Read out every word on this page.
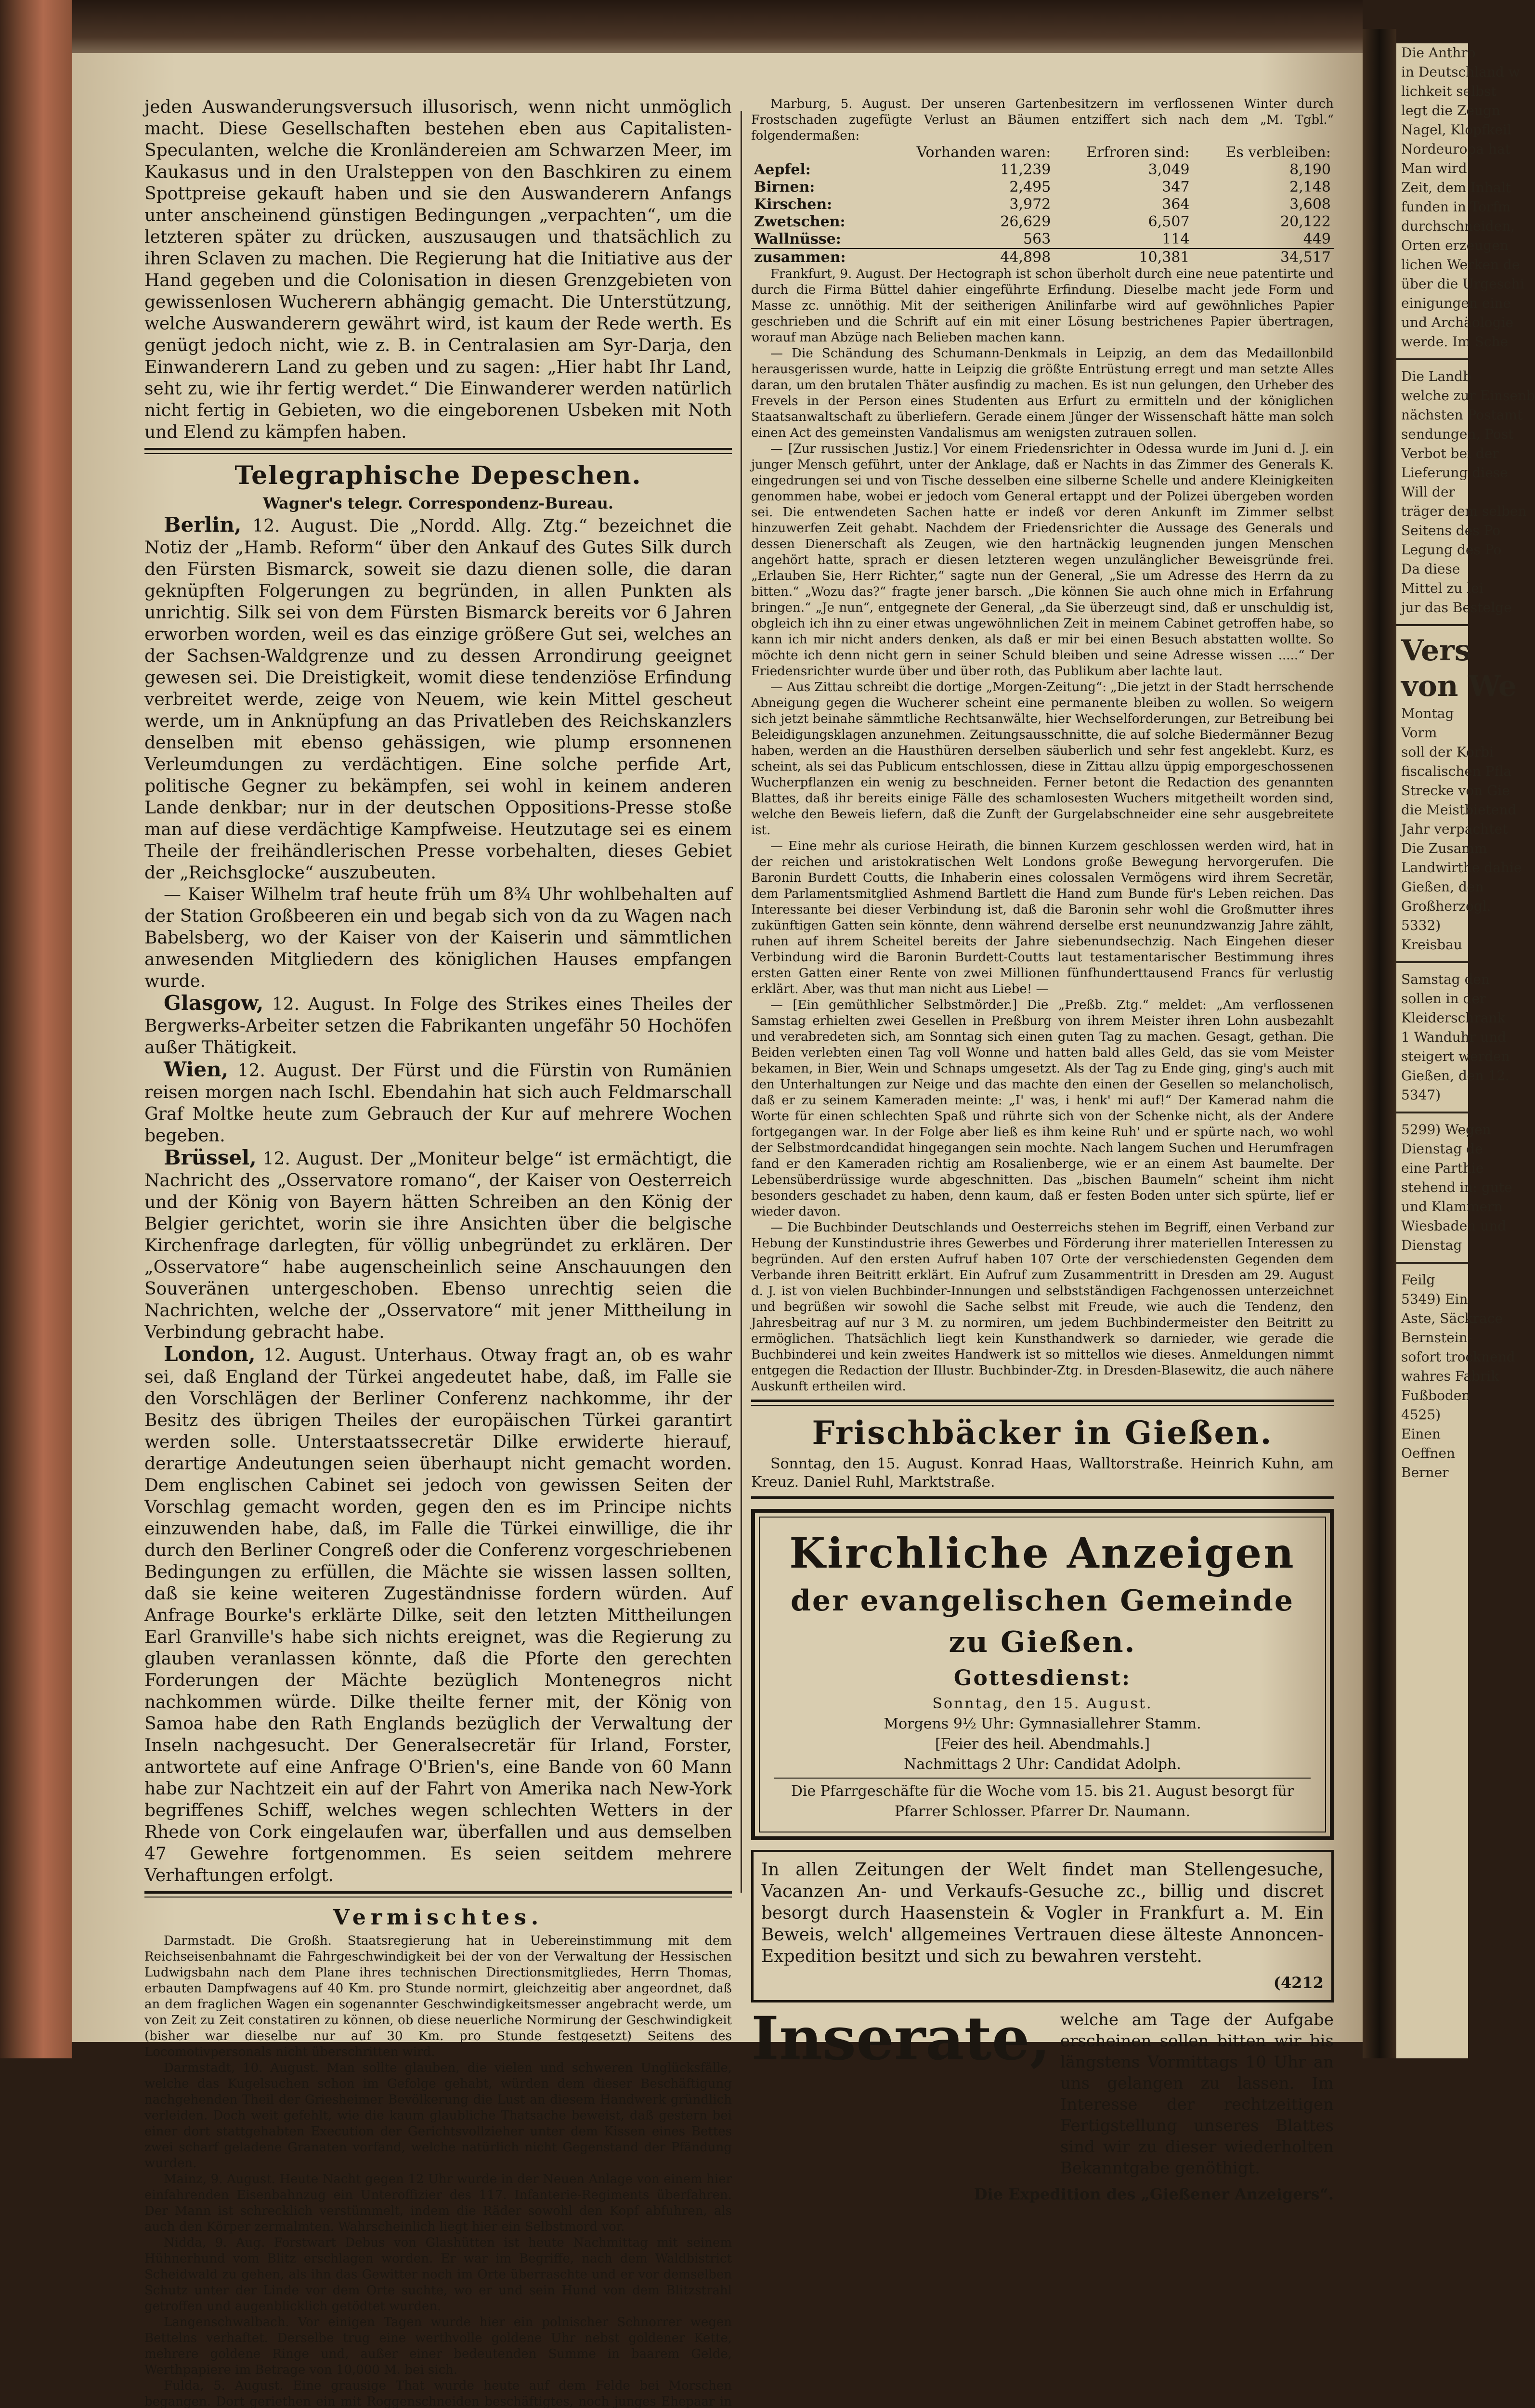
Die Anthro
in Deutschland w
lichkeit selbst
legt die Zeugn
Nagel, Klopfkeil
Nordeuropa hat
Man wird
Zeit, dem Inhalt
funden in Torfm
durchschneiden,
Orten erzeugen
lichen Werken de
über die Urgeschi
einigungen eine
und Archäologie
werde. Im Sche
Die Landb
welche zur Einsenb
nächsten Postamt
sendungen, Post
Verbot bei der
Lieferung diese
Will der
träger dem selben
Seitens des Po
Legung des Po
Da diese
Mittel zu lei
jur das Bestelge
Vers
von We
Montag
Vorm
soll der Korbi
fiscalischen Pfla
Strecke von Gie
die Meistbietend
Jahr verpachtet
Die Zusamm
Landwirthe dahie
Gießen, den
Großherzogl.
5332)
Kreisbau
Samstag den
sollen in der
Kleiderschrank
1 Wanduhr und
steigert werden
Gießen, den 12.
5347)
5299) Wegen
Dienstag de
eine Parthie
stehend in: gute
und Klammern
Wiesbaden und
Dienstag
Feilg
5349) Ein
Aste, Säckrace
Bernstein-
sofort trocknend
wahres Fabrik
Fußboden
4525)
Einen
Oeffnen
Berner

jeden Auswanderungsversuch illusorisch, wenn nicht unmöglich macht. Diese Gesellschaften bestehen eben aus Capitalisten-Speculanten, welche die Kronländereien am Schwarzen Meer, im Kaukasus und in den Uralsteppen von den Baschkiren zu einem Spottpreise gekauft haben und sie den Auswanderern Anfangs unter anscheinend günstigen Bedingungen „verpachten“, um die letzteren später zu drücken, auszusaugen und thatsächlich zu ihren Sclaven zu machen. Die Regierung hat die Initiative aus der Hand gegeben und die Colonisation in diesen Grenzgebieten von gewissenlosen Wucherern abhängig gemacht. Die Unterstützung, welche Auswanderern gewährt wird, ist kaum der Rede werth. Es genügt jedoch nicht, wie z. B. in Centralasien am Syr-Darja, den Einwanderern Land zu geben und zu sagen: „Hier habt Ihr Land, seht zu, wie ihr fertig werdet.“ Die Einwanderer werden natürlich nicht fertig in Gebieten, wo die eingeborenen Usbeken mit Noth und Elend zu kämpfen haben.

Telegraphische Depeschen.
Wagner's telegr. Correspondenz-Bureau.

Berlin, 12. August. Die „Nordd. Allg. Ztg.“ bezeichnet die Notiz der „Hamb. Reform“ über den Ankauf des Gutes Silk durch den Fürsten Bismarck, soweit sie dazu dienen solle, die daran geknüpften Folgerungen zu begründen, in allen Punkten als unrichtig. Silk sei von dem Fürsten Bismarck bereits vor 6 Jahren erworben worden, weil es das einzige größere Gut sei, welches an der Sachsen-Waldgrenze und zu dessen Arrondirung geeignet gewesen sei. Die Dreistigkeit, womit diese tendenziöse Erfindung verbreitet werde, zeige von Neuem, wie kein Mittel gescheut werde, um in Anknüpfung an das Privatleben des Reichskanzlers denselben mit ebenso gehässigen, wie plump ersonnenen Verleumdungen zu verdächtigen. Eine solche perfide Art, politische Gegner zu bekämpfen, sei wohl in keinem anderen Lande denkbar; nur in der deutschen Oppositions-Presse stoße man auf diese verdächtige Kampfweise. Heutzutage sei es einem Theile der freihändlerischen Presse vorbehalten, dieses Gebiet der „Reichsglocke“ auszubeuten.

— Kaiser Wilhelm traf heute früh um 8¾ Uhr wohlbehalten auf der Station Großbeeren ein und begab sich von da zu Wagen nach Babelsberg, wo der Kaiser von der Kaiserin und sämmtlichen anwesenden Mitgliedern des königlichen Hauses empfangen wurde.

Glasgow, 12. August. In Folge des Strikes eines Theiles der Bergwerks-Arbeiter setzen die Fabrikanten ungefähr 50 Hochöfen außer Thätigkeit.

Wien, 12. August. Der Fürst und die Fürstin von Rumänien reisen morgen nach Ischl. Ebendahin hat sich auch Feldmarschall Graf Moltke heute zum Gebrauch der Kur auf mehrere Wochen begeben.

Brüssel, 12. August. Der „Moniteur belge“ ist ermächtigt, die Nachricht des „Osservatore romano“, der Kaiser von Oesterreich und der König von Bayern hätten Schreiben an den König der Belgier gerichtet, worin sie ihre Ansichten über die belgische Kirchenfrage darlegten, für völlig unbegründet zu erklären. Der „Osservatore“ habe augenscheinlich seine Anschauungen den Souveränen untergeschoben. Ebenso unrechtig seien die Nachrichten, welche der „Osservatore“ mit jener Mittheilung in Verbindung gebracht habe.

London, 12. August. Unterhaus. Otway fragt an, ob es wahr sei, daß England der Türkei angedeutet habe, daß, im Falle sie den Vorschlägen der Berliner Conferenz nachkomme, ihr der Besitz des übrigen Theiles der europäischen Türkei garantirt werden solle. Unterstaatssecretär Dilke erwiderte hierauf, derartige Andeutungen seien überhaupt nicht gemacht worden. Dem englischen Cabinet sei jedoch von gewissen Seiten der Vorschlag gemacht worden, gegen den es im Principe nichts einzuwenden habe, daß, im Falle die Türkei einwillige, die ihr durch den Berliner Congreß oder die Conferenz vorgeschriebenen Bedingungen zu erfüllen, die Mächte sie wissen lassen sollten, daß sie keine weiteren Zugeständnisse fordern würden. Auf Anfrage Bourke's erklärte Dilke, seit den letzten Mittheilungen Earl Granville's habe sich nichts ereignet, was die Regierung zu glauben veranlassen könnte, daß die Pforte den gerechten Forderungen der Mächte bezüglich Montenegros nicht nachkommen würde. Dilke theilte ferner mit, der König von Samoa habe den Rath Englands bezüglich der Verwaltung der Inseln nachgesucht. Der Generalsecretär für Irland, Forster, antwortete auf eine Anfrage O'Brien's, eine Bande von 60 Mann habe zur Nachtzeit ein auf der Fahrt von Amerika nach New-York begriffenes Schiff, welches wegen schlechten Wetters in der Rhede von Cork eingelaufen war, überfallen und aus demselben 47 Gewehre fortgenommen. Es seien seitdem mehrere Verhaftungen erfolgt.

Vermischtes.

Darmstadt. Die Großh. Staatsregierung hat in Uebereinstimmung mit dem Reichseisenbahnamt die Fahrgeschwindigkeit bei der von der Verwaltung der Hessischen Ludwigsbahn nach dem Plane ihres technischen Directionsmitgliedes, Herrn Thomas, erbauten Dampfwagens auf 40 Km. pro Stunde normirt, gleichzeitig aber angeordnet, daß an dem fraglichen Wagen ein sogenannter Geschwindigkeitsmesser angebracht werde, um von Zeit zu Zeit constatiren zu können, ob diese neuerliche Normirung der Geschwindigkeit (bisher war dieselbe nur auf 30 Km. pro Stunde festgesetzt) Seitens des Locomotivpersonals nicht überschritten wird.

Darmstadt, 10. August. Man sollte glauben, die vielen und schweren Unglücksfälle, welche das Kugelsuchen schon im Gefolge gehabt, würden dem dieser Beschäftigung nachgehenden Theil der Griesheimer Bevölkerung die Lust an diesem Handwerk gründlich verleiden. Doch weit gefehlt, wie die kaum glaubliche Thatsache beweist, daß gestern bei einer dort stattgehabten Execution der Gerichtsvollzieher unter dem Kissen eines Bettes zwei scharf geladene Granaten vorfand, welche natürlich nicht Gegenstand der Pfändung wurden.

Mainz, 9. August. Heute Nacht gegen 12 Uhr wurde in der Neuen Anlage von einem hier einfahrenden Eisenbahnzug ein Unteroffizier des 117. Infanterie-Regiments überfahren. Der Mann ist schrecklich verstümmelt, indem die Räder sowohl den Kopf abfuhren, als auch den Körper zermalmten. Wahrscheinlich liegt hier ein Selbstmord vor.

Nidda, 9. Aug. Forstwart Debus von Glashütten ist heute Nachmittag mit seinem Hühnerhund vom Blitz erschlagen worden. Er war im Begriffe, nach dem Waldbistrict Scheidwald zu gehen, als ihn das Gewitter noch im Orte überraschte und er vor demselben Schutz unter der Linde vor dem Orte suchte, wo er und sein Hund von dem Blitzstrahl getroffen und augenblicklich getödtet wurden.

Langenschwalbach. Vor einigen Tagen wurde hier ein polnischer Schnorrer wegen Bettelns verhaftet. Derselbe trug eine werthvolle goldene Uhr nebst goldener Kette, mehrere goldene Ringe und, außer einer bedeutenden Summe in baarem Gelde, Werthpapiere im Betrage von 10,000 M. bei sich.

Fulda, 5. August. Eine grausige That wurde heute auf dem Felde bei Morschen begangen. Dort geriethen ein mit Roggenschneiden beschäftigtes, noch junges Ehepaar in

Marburg, 5. August. Der unseren Gartenbesitzern im verflossenen Winter durch Frostschaden zugefügte Verlust an Bäumen entziffert sich nach dem „M. Tgbl.“ folgendermaßen:

	Vorhanden waren:	Erfroren sind:	Es verbleiben:
Aepfel:	11,239	3,049	8,190
Birnen:	2,495	347	2,148
Kirschen:	3,972	364	3,608
Zwetschen:	26,629	6,507	20,122
Wallnüsse:	563	114	449
zusammen:	44,898	10,381	34,517

Frankfurt, 9. August. Der Hectograph ist schon überholt durch eine neue patentirte und durch die Firma Büttel dahier eingeführte Erfindung. Dieselbe macht jede Form und Masse zc. unnöthig. Mit der seitherigen Anilinfarbe wird auf gewöhnliches Papier geschrieben und die Schrift auf ein mit einer Lösung bestrichenes Papier übertragen, worauf man Abzüge nach Belieben machen kann.

— Die Schändung des Schumann-Denkmals in Leipzig, an dem das Medaillonbild herausgerissen wurde, hatte in Leipzig die größte Entrüstung erregt und man setzte Alles daran, um den brutalen Thäter ausfindig zu machen. Es ist nun gelungen, den Urheber des Frevels in der Person eines Studenten aus Erfurt zu ermitteln und der königlichen Staatsanwaltschaft zu überliefern. Gerade einem Jünger der Wissenschaft hätte man solch einen Act des gemeinsten Vandalismus am wenigsten zutrauen sollen.

— [Zur russischen Justiz.] Vor einem Friedensrichter in Odessa wurde im Juni d. J. ein junger Mensch geführt, unter der Anklage, daß er Nachts in das Zimmer des Generals K. eingedrungen sei und von Tische desselben eine silberne Schelle und andere Kleinigkeiten genommen habe, wobei er jedoch vom General ertappt und der Polizei übergeben worden sei. Die entwendeten Sachen hatte er indeß vor deren Ankunft im Zimmer selbst hinzuwerfen Zeit gehabt. Nachdem der Friedensrichter die Aussage des Generals und dessen Dienerschaft als Zeugen, wie den hartnäckig leugnenden jungen Menschen angehört hatte, sprach er diesen letzteren wegen unzulänglicher Beweisgründe frei. „Erlauben Sie, Herr Richter,“ sagte nun der General, „Sie um Adresse des Herrn da zu bitten.“ „Wozu das?“ fragte jener barsch. „Die können Sie auch ohne mich in Erfahrung bringen.“ „Je nun“, entgegnete der General, „da Sie überzeugt sind, daß er unschuldig ist, obgleich ich ihn zu einer etwas ungewöhnlichen Zeit in meinem Cabinet getroffen habe, so kann ich mir nicht anders denken, als daß er mir bei einen Besuch abstatten wollte. So möchte ich denn nicht gern in seiner Schuld bleiben und seine Adresse wissen .....“ Der Friedensrichter wurde über und über roth, das Publikum aber lachte laut.

— Aus Zittau schreibt die dortige „Morgen-Zeitung“: „Die jetzt in der Stadt herrschende Abneigung gegen die Wucherer scheint eine permanente bleiben zu wollen. So weigern sich jetzt beinahe sämmtliche Rechtsanwälte, hier Wechselforderungen, zur Betreibung bei Beleidigungsklagen anzunehmen. Zeitungsausschnitte, die auf solche Biedermänner Bezug haben, werden an die Hausthüren derselben säuberlich und sehr fest angeklebt. Kurz, es scheint, als sei das Publicum entschlossen, diese in Zittau allzu üppig emporgeschossenen Wucherpflanzen ein wenig zu beschneiden. Ferner betont die Redaction des genannten Blattes, daß ihr bereits einige Fälle des schamlosesten Wuchers mitgetheilt worden sind, welche den Beweis liefern, daß die Zunft der Gurgelabschneider eine sehr ausgebreitete ist.

— Eine mehr als curiose Heirath, die binnen Kurzem geschlossen werden wird, hat in der reichen und aristokratischen Welt Londons große Bewegung hervorgerufen. Die Baronin Burdett Coutts, die Inhaberin eines colossalen Vermögens wird ihrem Secretär, dem Parlamentsmitglied Ashmend Bartlett die Hand zum Bunde für's Leben reichen. Das Interessante bei dieser Verbindung ist, daß die Baronin sehr wohl die Großmutter ihres zukünftigen Gatten sein könnte, denn während derselbe erst neunundzwanzig Jahre zählt, ruhen auf ihrem Scheitel bereits der Jahre siebenundsechzig. Nach Eingehen dieser Verbindung wird die Baronin Burdett-Coutts laut testamentarischer Bestimmung ihres ersten Gatten einer Rente von zwei Millionen fünfhunderttausend Francs für verlustig erklärt. Aber, was thut man nicht aus Liebe! —

— [Ein gemüthlicher Selbstmörder.] Die „Preßb. Ztg.“ meldet: „Am verflossenen Samstag erhielten zwei Gesellen in Preßburg von ihrem Meister ihren Lohn ausbezahlt und verabredeten sich, am Sonntag sich einen guten Tag zu machen. Gesagt, gethan. Die Beiden verlebten einen Tag voll Wonne und hatten bald alles Geld, das sie vom Meister bekamen, in Bier, Wein und Schnaps umgesetzt. Als der Tag zu Ende ging, ging's auch mit den Unterhaltungen zur Neige und das machte den einen der Gesellen so melancholisch, daß er zu seinem Kameraden meinte: „I' was, i henk' mi auf!“ Der Kamerad nahm die Worte für einen schlechten Spaß und rührte sich von der Schenke nicht, als der Andere fortgegangen war. In der Folge aber ließ es ihm keine Ruh' und er spürte nach, wo wohl der Selbstmordcandidat hingegangen sein mochte. Nach langem Suchen und Herumfragen fand er den Kameraden richtig am Rosalienberge, wie er an einem Ast baumelte. Der Lebensüberdrüssige wurde abgeschnitten. Das „bischen Baumeln“ scheint ihm nicht besonders geschadet zu haben, denn kaum, daß er festen Boden unter sich spürte, lief er wieder davon.

— Die Buchbinder Deutschlands und Oesterreichs stehen im Begriff, einen Verband zur Hebung der Kunstindustrie ihres Gewerbes und Förderung ihrer materiellen Interessen zu begründen. Auf den ersten Aufruf haben 107 Orte der verschiedensten Gegenden dem Verbande ihren Beitritt erklärt. Ein Aufruf zum Zusammentritt in Dresden am 29. August d. J. ist von vielen Buchbinder-Innungen und selbstständigen Fachgenossen unterzeichnet und begrüßen wir sowohl die Sache selbst mit Freude, wie auch die Tendenz, den Jahresbeitrag auf nur 3 M. zu normiren, um jedem Buchbindermeister den Beitritt zu ermöglichen. Thatsächlich liegt kein Kunsthandwerk so darnieder, wie gerade die Buchbinderei und kein zweites Handwerk ist so mittellos wie dieses. Anmeldungen nimmt entgegen die Redaction der Illustr. Buchbinder-Ztg. in Dresden-Blasewitz, die auch nähere Auskunft ertheilen wird.

Frischbäcker in Gießen.

Sonntag, den 15. August. Konrad Haas, Walltorstraße. Heinrich Kuhn, am Kreuz. Daniel Ruhl, Marktstraße.

Kirchliche Anzeigen
der evangelischen Gemeinde zu Gießen.
Gottesdienst:
Sonntag, den 15. August.
Morgens 9½ Uhr: Gymnasiallehrer Stamm.
[Feier des heil. Abendmahls.]
Nachmittags 2 Uhr: Candidat Adolph.
Die Pfarrgeschäfte für die Woche vom 15. bis 21. August besorgt für Pfarrer Schlosser. Pfarrer Dr. Naumann.

In allen Zeitungen der Welt findet man Stellengesuche, Vacanzen An- und Verkaufs-Gesuche zc., billig und discret besorgt durch Haasenstein & Vogler in Frankfurt a. M. Ein Beweis, welch' allgemeines Vertrauen diese älteste Annoncen-Expedition besitzt und sich zu bewahren versteht.

(4212
Inserate, welche am Tage der Aufgabe erscheinen sollen bitten wir bis längstens Vormittags 10 Uhr an uns gelangen zu lassen. Im Interesse der rechtzeitigen Fertigstellung unseres Blattes sind wir zu dieser wiederholten Bekanntgabe genöthigt.
Die Expedition des „Gießener Anzeigers“.
